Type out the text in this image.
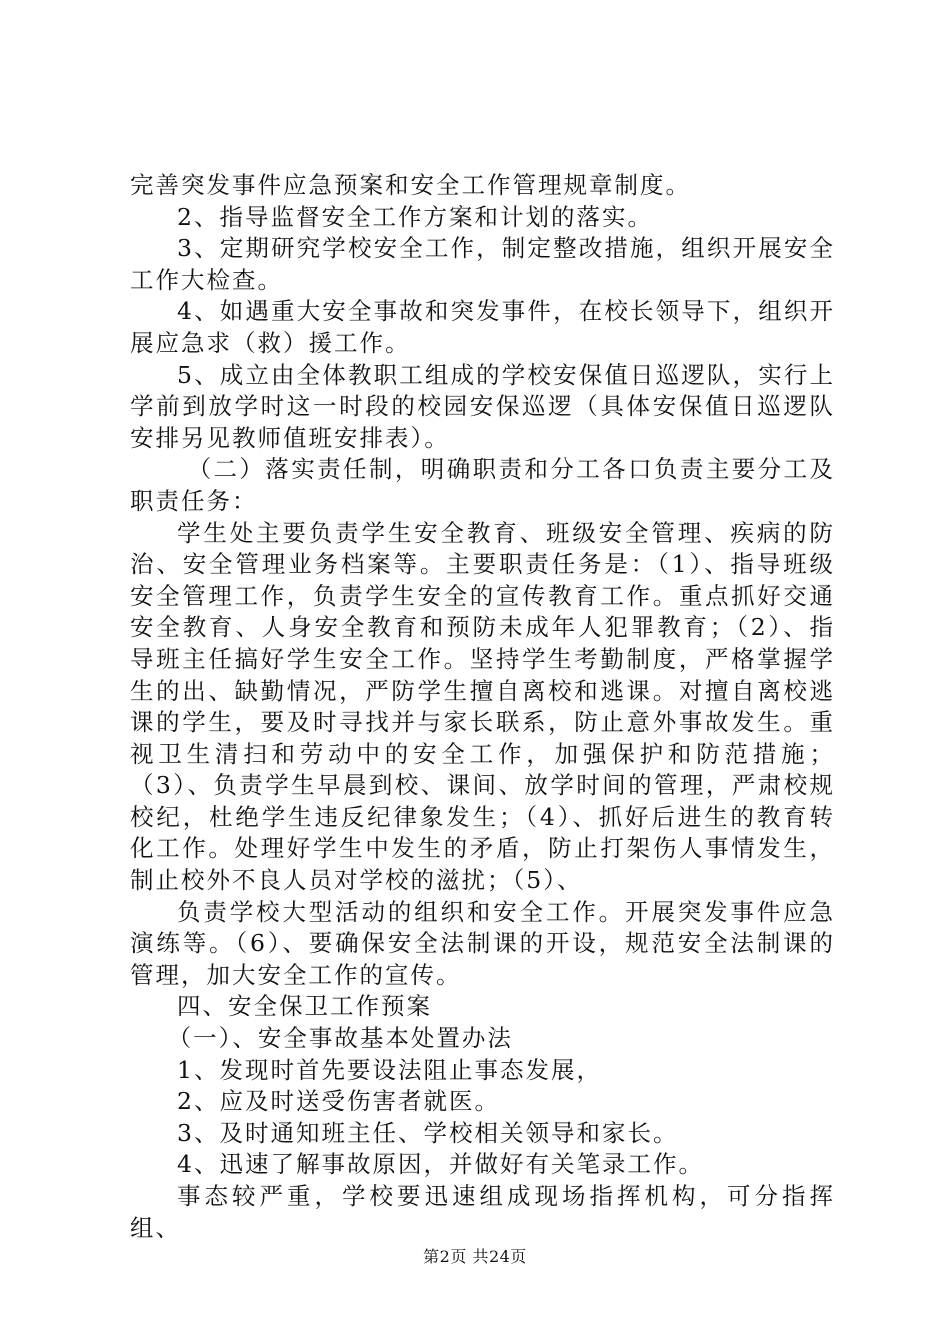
完善突发事件应急预案和安全工作管理规章制度。

2、指导监督安全工作方案和计划的落实。

3、定期研究学校安全工作，制定整改措施，组织开展安全工作大检查。

4、如遇重大安全事故和突发事件，在校长领导下，组织开展应急求（救）援工作。

5、成立由全体教职工组成的学校安保值日巡逻队，实行上学前到放学时这一时段的校园安保巡逻（具体安保值日巡逻队安排另见教师值班安排表）。

（二）落实责任制，明确职责和分工各口负责主要分工及职责任务：

学生处主要负责学生安全教育、班级安全管理、疾病的防治、安全管理业务档案等。主要职责任务是：（1）、指导班级安全管理工作，负责学生安全的宣传教育工作。重点抓好交通安全教育、人身安全教育和预防未成年人犯罪教育；（2）、指导班主任搞好学生安全工作。坚持学生考勤制度，严格掌握学生的出、缺勤情况，严防学生擅自离校和逃课。对擅自离校逃课的学生，要及时寻找并与家长联系，防止意外事故发生。重视卫生清扫和劳动中的安全工作，加强保护和防范措施；（3）、负责学生早晨到校、课间、放学时间的管理，严肃校规校纪，杜绝学生违反纪律象发生；（4）、抓好后进生的教育转化工作。处理好学生中发生的矛盾，防止打架伤人事情发生，制止校外不良人员对学校的滋扰；（5）、

负责学校大型活动的组织和安全工作。开展突发事件应急演练等。（6）、要确保安全法制课的开设，规范安全法制课的管理，加大安全工作的宣传。

四、安全保卫工作预案

（一）、安全事故基本处置办法

1、发现时首先要设法阻止事态发展，

2、应及时送受伤害者就医。

3、及时通知班主任、学校相关领导和家长。

4、迅速了解事故原因，并做好有关笔录工作。

事态较严重，学校要迅速组成现场指挥机构，可分指挥组、

第2页 共24页
